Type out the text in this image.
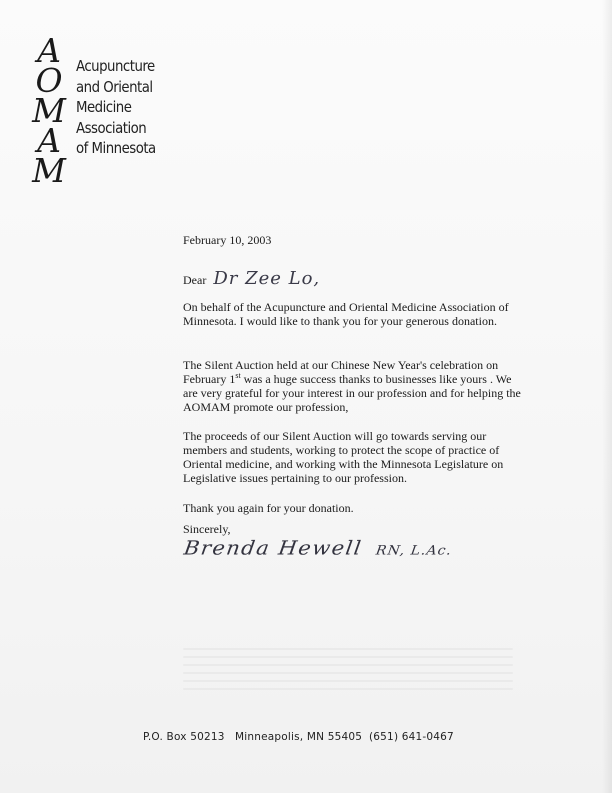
A
O
M
A
M
Acupuncture
and Oriental
Medicine
Association
of Minnesota
February 10, 2003
Dear Dr Zee Lo,
On behalf of the Acupuncture and Oriental Medicine Association of Minnesota. I would like to thank you for your generous donation.
The Silent Auction held at our Chinese New Year's celebration on February 1st was a huge success thanks to businesses like yours . We are very grateful for your interest in our profession and for helping the AOMAM promote our profession,
The proceeds of our Silent Auction will go towards serving our members and students, working to protect the scope of practice of Oriental medicine, and working with the Minnesota Legislature on Legislative issues pertaining to our profession.
Thank you again for your donation.
Sincerely,
Brenda Hewell RN, L.Ac.
P.O. Box 50213 Minneapolis, MN 55405 (651) 641-0467
